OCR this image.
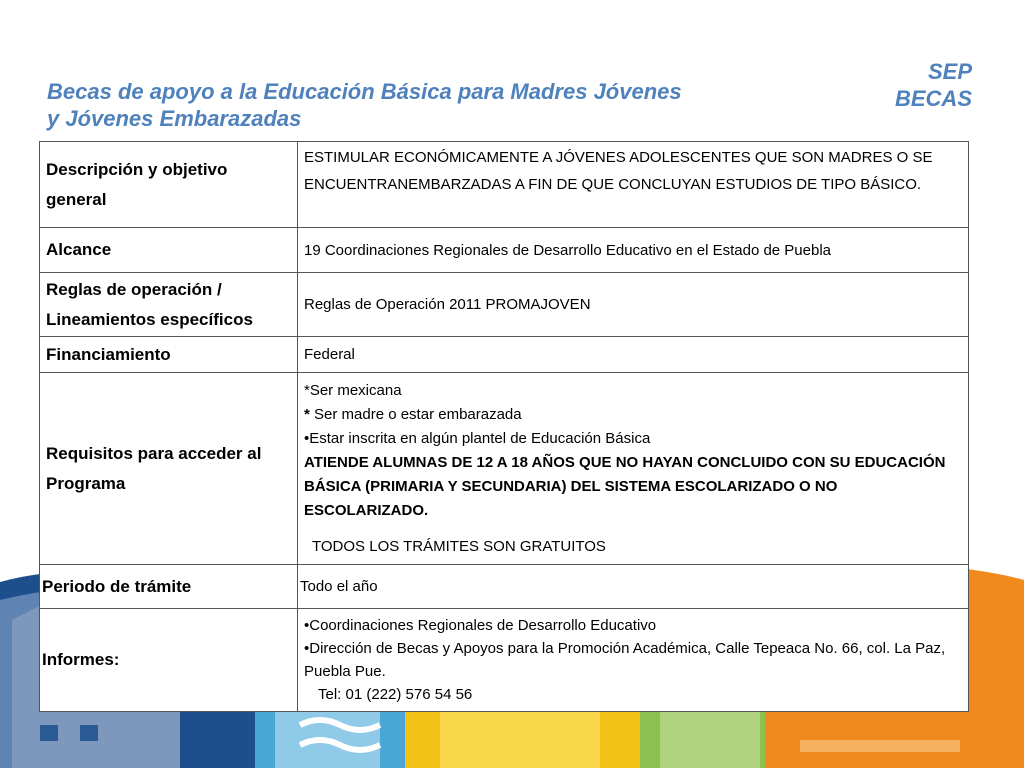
Becas de apoyo a la Educación Básica para Madres Jóvenes
y Jóvenes Embarazadas
SEP
BECAS
Descripción y objetivo general	ESTIMULAR ECONÓMICAMENTE A JÓVENES ADOLESCENTES QUE SON MADRES O SE ENCUENTRANEMBARZADAS A FIN DE QUE CONCLUYAN ESTUDIOS DE TIPO BÁSICO.
Alcance	19 Coordinaciones Regionales de Desarrollo Educativo en el Estado de Puebla
Reglas de operación / Lineamientos específicos	Reglas de Operación 2011 PROMAJOVEN
Financiamiento	Federal
Requisitos para acceder al Programa	*Ser mexicana
* Ser madre o estar embarazada
•Estar inscrita en algún plantel de Educación Básica
ATIENDE ALUMNAS DE 12 A 18 AÑOS QUE NO HAYAN CONCLUIDO CON SU EDUCACIÓN BÁSICA (PRIMARIA Y SECUNDARIA) DEL SISTEMA ESCOLARIZADO O NO ESCOLARIZADO.
TODOS LOS TRÁMITES SON GRATUITOS

Periodo de trámite	Todo el año
Informes:	•Coordinaciones Regionales de Desarrollo Educativo
•Dirección de Becas y Apoyos para la Promoción Académica, Calle Tepeaca No. 66, col. La Paz, Puebla Pue.
Tel: 01 (222) 576 54 56
